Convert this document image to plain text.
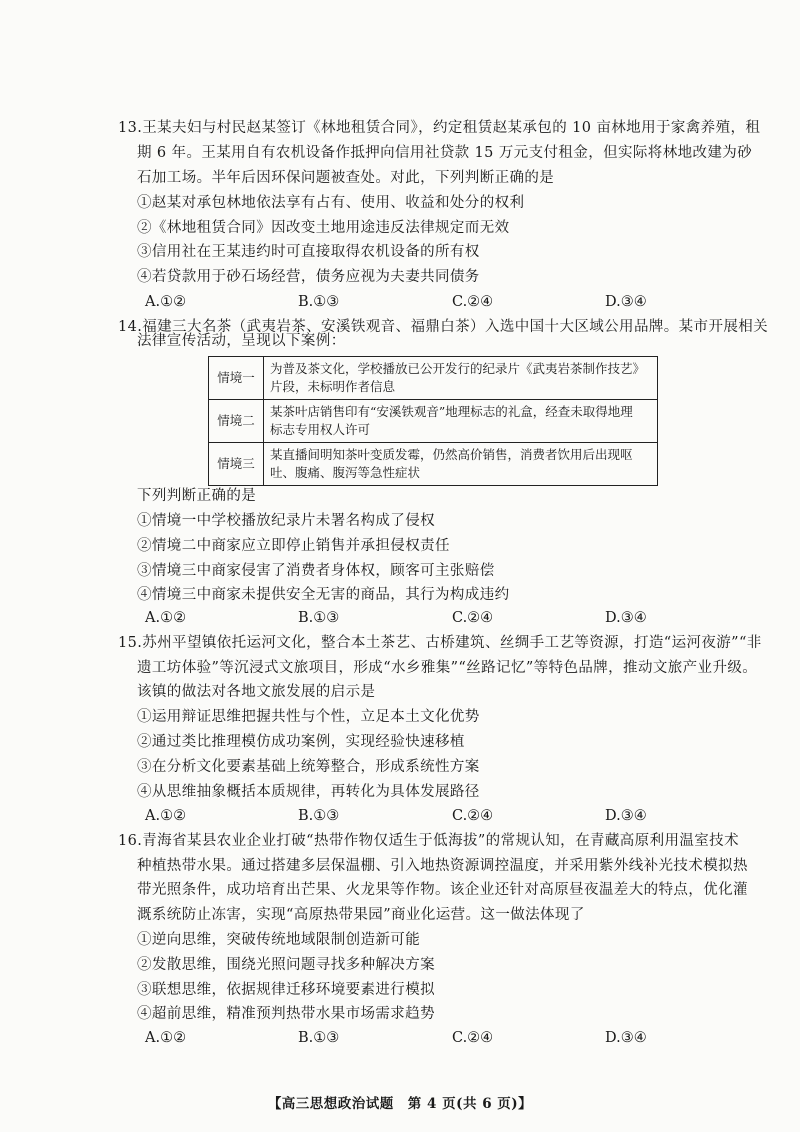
13.王某夫妇与村民赵某签订《林地租赁合同》，约定租赁赵某承包的 10 亩林地用于家禽养殖，租
期 6 年。王某用自有农机设备作抵押向信用社贷款 15 万元支付租金，但实际将林地改建为砂
石加工场。半年后因环保问题被查处。对此，下列判断正确的是
①赵某对承包林地依法享有占有、使用、收益和处分的权利
②《林地租赁合同》因改变土地用途违反法律规定而无效
③信用社在王某违约时可直接取得农机设备的所有权
④若贷款用于砂石场经营，债务应视为夫妻共同债务
A.①②	B.①③	C.②④	D.③④
14.福建三大名茶（武夷岩茶、安溪铁观音、福鼎白茶）入选中国十大区域公用品牌。某市开展相关
法律宣传活动，呈现以下案例：
情境一	为普及茶文化，学校播放已公开发行的纪录片《武夷岩茶制作技艺》
片段，未标明作者信息
情境二	某茶叶店销售印有“安溪铁观音”地理标志的礼盒，经查未取得地理
标志专用权人许可
情境三	某直播间明知茶叶变质发霉，仍然高价销售，消费者饮用后出现呕
吐、腹痛、腹泻等急性症状
下列判断正确的是
①情境一中学校播放纪录片未署名构成了侵权
②情境二中商家应立即停止销售并承担侵权责任
③情境三中商家侵害了消费者身体权，顾客可主张赔偿
④情境三中商家未提供安全无害的商品，其行为构成违约
A.①②	B.①③	C.②④	D.③④
15.苏州平望镇依托运河文化，整合本土茶艺、古桥建筑、丝绸手工艺等资源，打造“运河夜游”“非
遗工坊体验”等沉浸式文旅项目，形成“水乡雅集”“丝路记忆”等特色品牌，推动文旅产业升级。
该镇的做法对各地文旅发展的启示是
①运用辩证思维把握共性与个性，立足本土文化优势
②通过类比推理模仿成功案例，实现经验快速移植
③在分析文化要素基础上统筹整合，形成系统性方案
④从思维抽象概括本质规律，再转化为具体发展路径
A.①②	B.①③	C.②④	D.③④
16.青海省某县农业企业打破“热带作物仅适生于低海拔”的常规认知，在青藏高原利用温室技术
种植热带水果。通过搭建多层保温棚、引入地热资源调控温度，并采用紫外线补光技术模拟热
带光照条件，成功培育出芒果、火龙果等作物。该企业还针对高原昼夜温差大的特点，优化灌
溉系统防止冻害，实现“高原热带果园”商业化运营。这一做法体现了
①逆向思维，突破传统地域限制创造新可能
②发散思维，围绕光照问题寻找多种解决方案
③联想思维，依据规律迁移环境要素进行模拟
④超前思维，精准预判热带水果市场需求趋势
A.①②	B.①③	C.②④	D.③④
【高三思想政治试题　第 4 页(共 6 页)】
